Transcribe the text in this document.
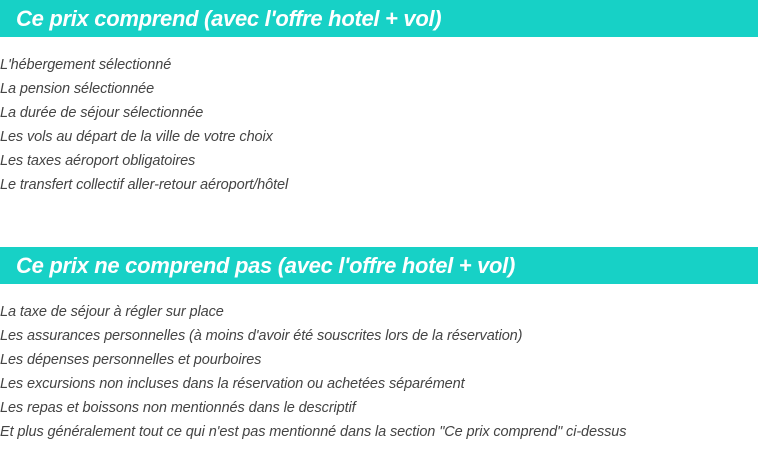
Ce prix comprend (avec l'offre hotel + vol)
L'hébergement sélectionné
La pension sélectionnée
La durée de séjour sélectionnée
Les vols au départ de la ville de votre choix
Les taxes aéroport obligatoires
Le transfert collectif aller-retour aéroport/hôtel
Ce prix ne comprend pas (avec l'offre hotel + vol)
La taxe de séjour à régler sur place
Les assurances personnelles (à moins d'avoir été souscrites lors de la réservation)
Les dépenses personnelles et pourboires
Les excursions non incluses dans la réservation ou achetées séparément
Les repas et boissons non mentionnés dans le descriptif
Et plus généralement tout ce qui n'est pas mentionné dans la section "Ce prix comprend" ci-dessus
